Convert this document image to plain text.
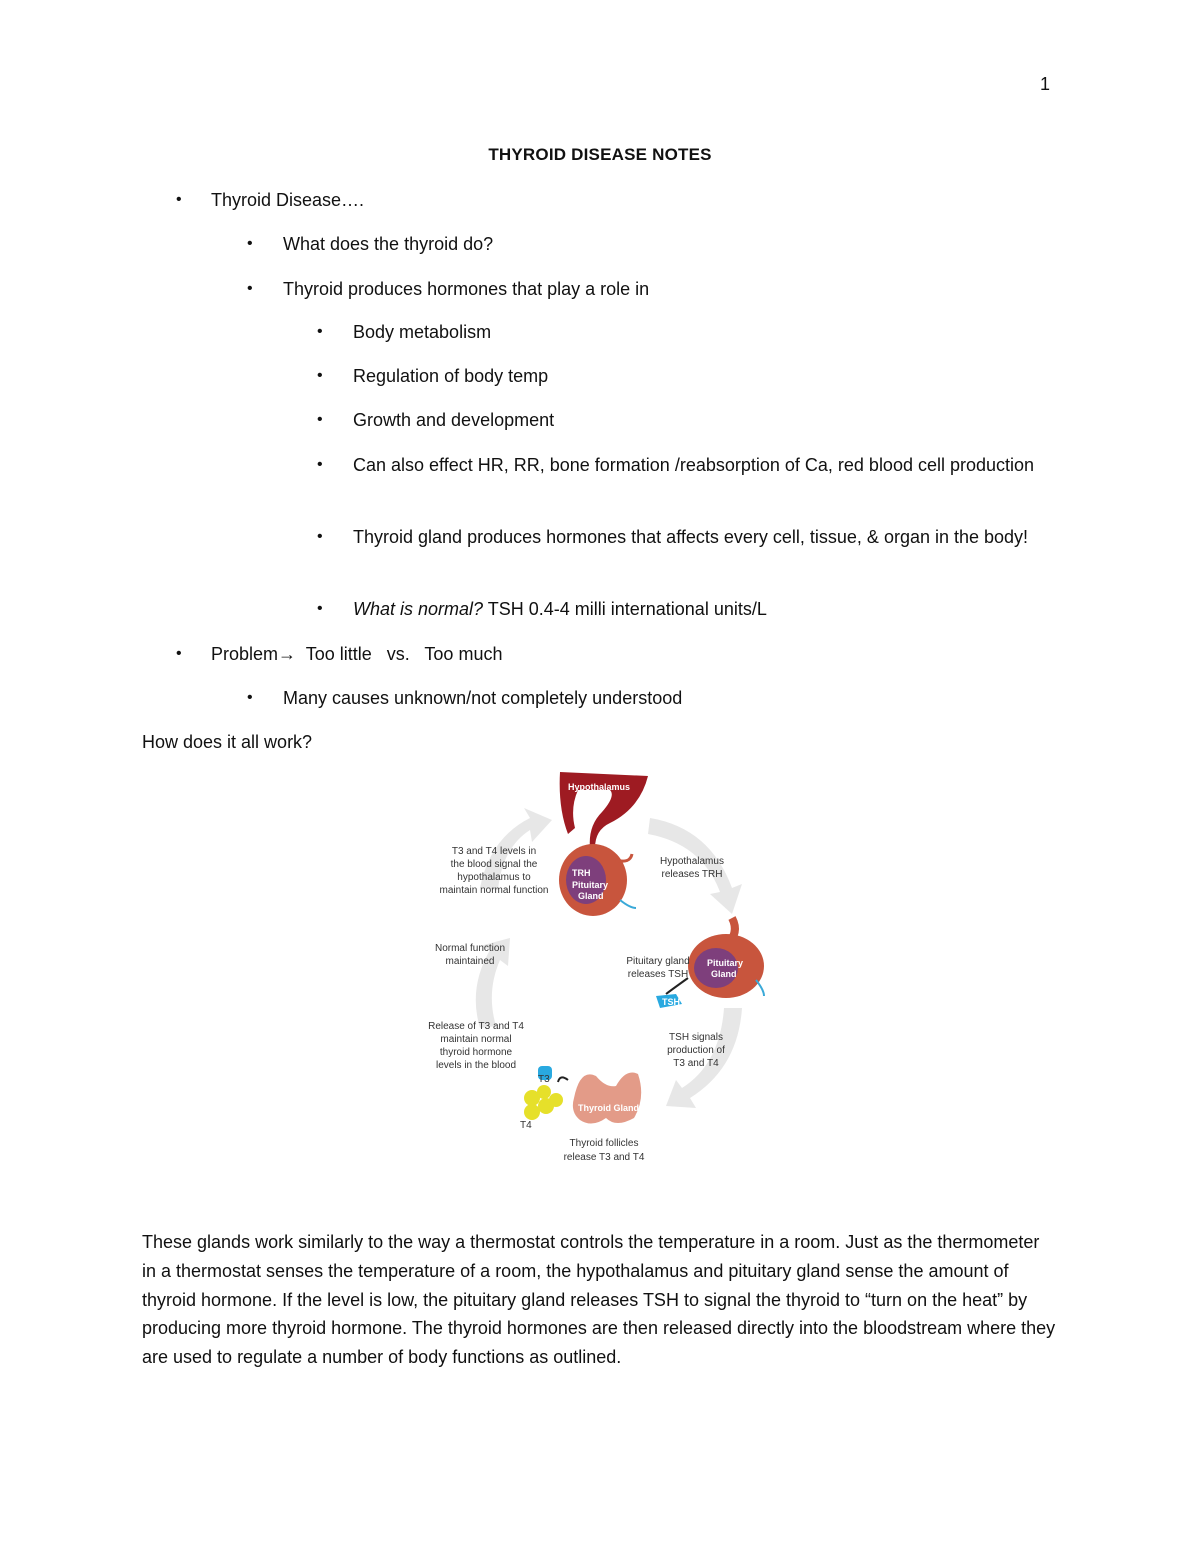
1
THYROID DISEASE NOTES
• Thyroid Disease….
• What does the thyroid do?
• Thyroid produces hormones that play a role in
• Body metabolism
• Regulation of body temp
• Growth and development
• Can also effect HR, RR, bone formation /reabsorption of Ca, red blood cell production
• Thyroid gland produces hormones that affects every cell, tissue, & organ in the body!
• What is normal? TSH 0.4-4 milli international units/L
• Problem→  Too little   vs.   Too much
• Many causes unknown/not completely understood
How does it all work?
Hypothalamus
TRH
Pituitary
Gland
Pituitary
Gland
TSH
Thyroid Gland
T3
T4
T3 and T4 levels in
the blood signal the
hypothalamus to
maintain normal function
Hypothalamus
releases TRH
Normal function
maintained	Pituitary gland
releases TSH
Release of T3 and T4
maintain normal
thyroid hormone
levels in the blood
TSH signals
production of
T3 and T4
Thyroid follicles
release T3 and T4
These glands work similarly to the way a thermostat controls the temperature in a room. Just as the thermometer in a thermostat senses the temperature of a room, the hypothalamus and pituitary gland sense the amount of thyroid hormone. If the level is low, the pituitary gland releases TSH to signal the thyroid to “turn on the heat” by producing more thyroid hormone. The thyroid hormones are then released directly into the bloodstream where they are used to regulate a number of body functions as outlined.
